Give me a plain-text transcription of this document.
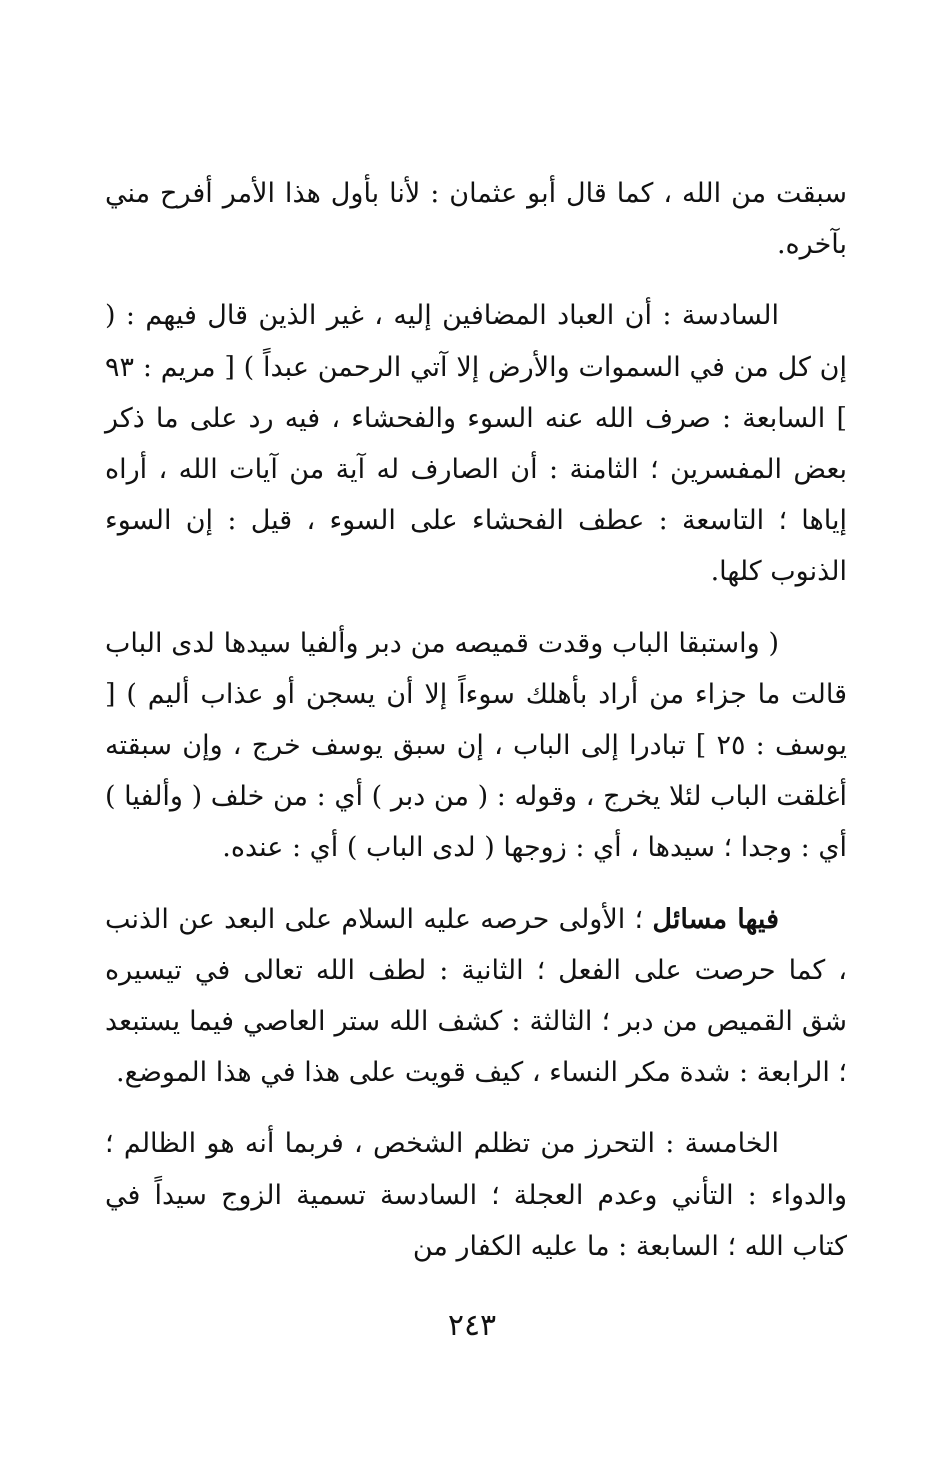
سبقت من الله ، كما قال أبو عثمان : لأنا بأول هذا الأمر أفرح مني بآخره.

السادسة : أن العباد المضافين إليه ، غير الذين قال فيهم : ( إن كل من في السموات والأرض إلا آتي الرحمن عبداً ) [ مريم : ٩٣ ] السابعة : صرف الله عنه السوء والفحشاء ، فيه رد على ما ذكر بعض المفسرين ؛ الثامنة : أن الصارف له آية من آيات الله ، أراه إياها ؛ التاسعة : عطف الفحشاء على السوء ، قيل : إن السوء الذنوب كلها.

( واستبقا الباب وقدت قميصه من دبر وألفيا سيدها لدى الباب قالت ما جزاء من أراد بأهلك سوءاً إلا أن يسجن أو عذاب أليم ) [ يوسف : ٢٥ ] تبادرا إلى الباب ، إن سبق يوسف خرج ، وإن سبقته أغلقت الباب لئلا يخرج ، وقوله : ( من دبر ) أي : من خلف ( وألفيا ) أي : وجدا ؛ سيدها ، أي : زوجها ( لدى الباب ) أي : عنده.

فيها مسائل ؛ الأولى حرصه عليه السلام على البعد عن الذنب ، كما حرصت على الفعل ؛ الثانية : لطف الله تعالى في تيسيره شق القميص من دبر ؛ الثالثة : كشف الله ستر العاصي فيما يستبعد ؛ الرابعة : شدة مكر النساء ، كيف قويت على هذا في هذا الموضع.

الخامسة : التحرز من تظلم الشخص ، فربما أنه هو الظالم ؛ والدواء : التأني وعدم العجلة ؛ السادسة تسمية الزوج سيداً في كتاب الله ؛ السابعة : ما عليه الكفار من

٢٤٣
